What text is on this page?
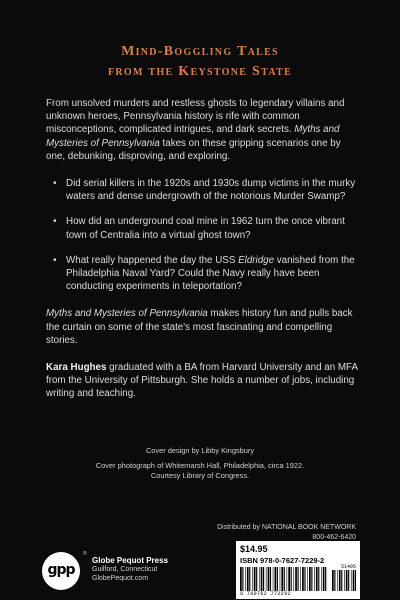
Mind-Boggling Tales
from the Keystone State

From unsolved murders and restless ghosts to legendary villains and unknown heroes, Pennsylvania history is rife with common misconceptions, complicated intrigues, and dark secrets. Myths and Mysteries of Pennsylvania takes on these gripping scenarios one by one, debunking, disproving, and exploring.

• Did serial killers in the 1920s and 1930s dump victims in the murky waters and dense undergrowth of the notorious Murder Swamp?
• How did an underground coal mine in 1962 turn the once vibrant town of Centralia into a virtual ghost town?
• What really happened the day the USS Eldridge vanished from the Philadelphia Naval Yard? Could the Navy really have been conducting experiments in teleportation?

Myths and Mysteries of Pennsylvania makes history fun and pulls back the curtain on some of the state's most fascinating and compelling stories.

Kara Hughes graduated with a BA from Harvard University and an MFA from the University of Pittsburgh. She holds a number of jobs, including writing and teaching.

Cover design by Libby Kingsbury

Cover photograph of Whitemarsh Hall, Philadelphia, circa 1922.
Courtesy Library of Congress.
Distributed by NATIONAL BOOK NETWORK
800-462-6420
$14.95
ISBN 978-0-7627-7229-2
51495
9 780762 772292
gpp
®
Globe Pequot Press
Guilford, Connecticut
GlobePequot.com
